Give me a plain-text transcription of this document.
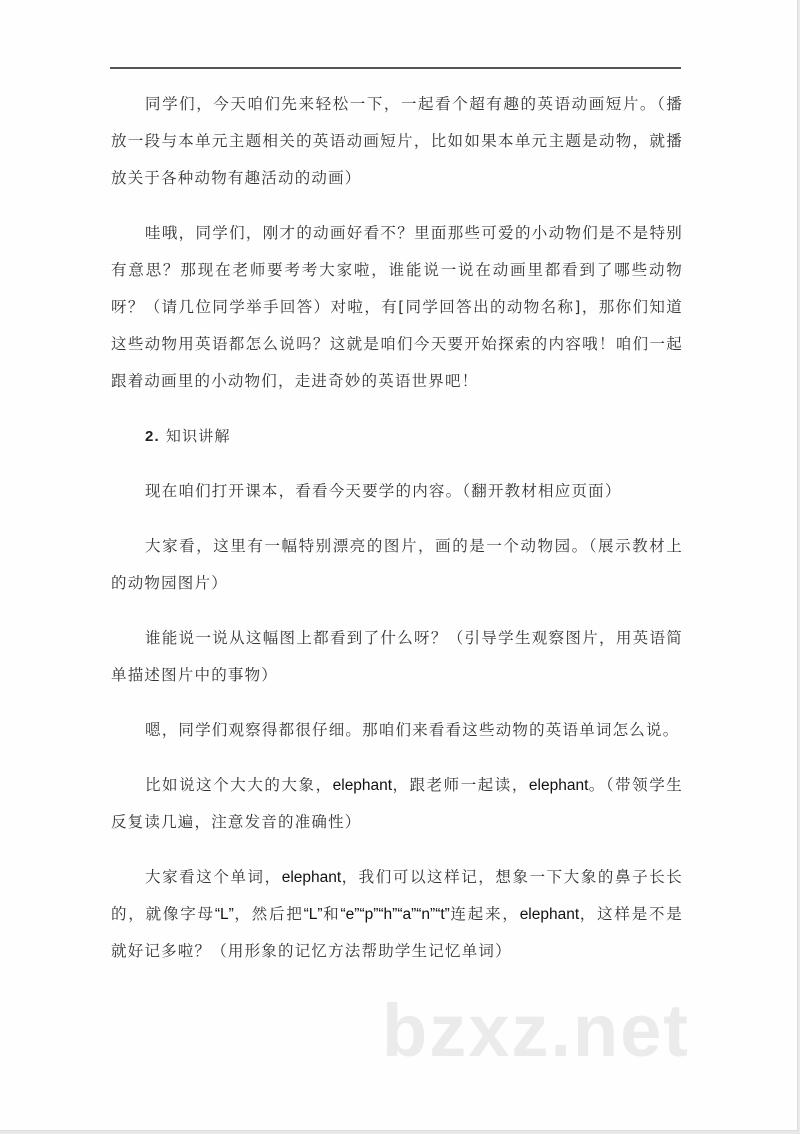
同学们，今天咱们先来轻松一下，一起看个超有趣的英语动画短片。（播放一段与本单元主题相关的英语动画短片，比如如果本单元主题是动物，就播放关于各种动物有趣活动的动画）

哇哦，同学们，刚才的动画好看不？里面那些可爱的小动物们是不是特别有意思？那现在老师要考考大家啦，谁能说一说在动画里都看到了哪些动物呀？（请几位同学举手回答）对啦，有[同学回答出的动物名称]，那你们知道这些动物用英语都怎么说吗？这就是咱们今天要开始探索的内容哦！咱们一起跟着动画里的小动物们，走进奇妙的英语世界吧！

2. 知识讲解

现在咱们打开课本，看看今天要学的内容。（翻开教材相应页面）

大家看，这里有一幅特别漂亮的图片，画的是一个动物园。（展示教材上的动物园图片）

谁能说一说从这幅图上都看到了什么呀？（引导学生观察图片，用英语简单描述图片中的事物）

嗯，同学们观察得都很仔细。那咱们来看看这些动物的英语单词怎么说。

比如说这个大大的大象，elephant，跟老师一起读，elephant。（带领学生反复读几遍，注意发音的准确性）

大家看这个单词，elephant，我们可以这样记，想象一下大象的鼻子长长的，就像字母“L”，然后把“L”和“e”“p”“h”“a”“n”“t”连起来，elephant，这样是不是就好记多啦？（用形象的记忆方法帮助学生记忆单词）

bzxz.net
